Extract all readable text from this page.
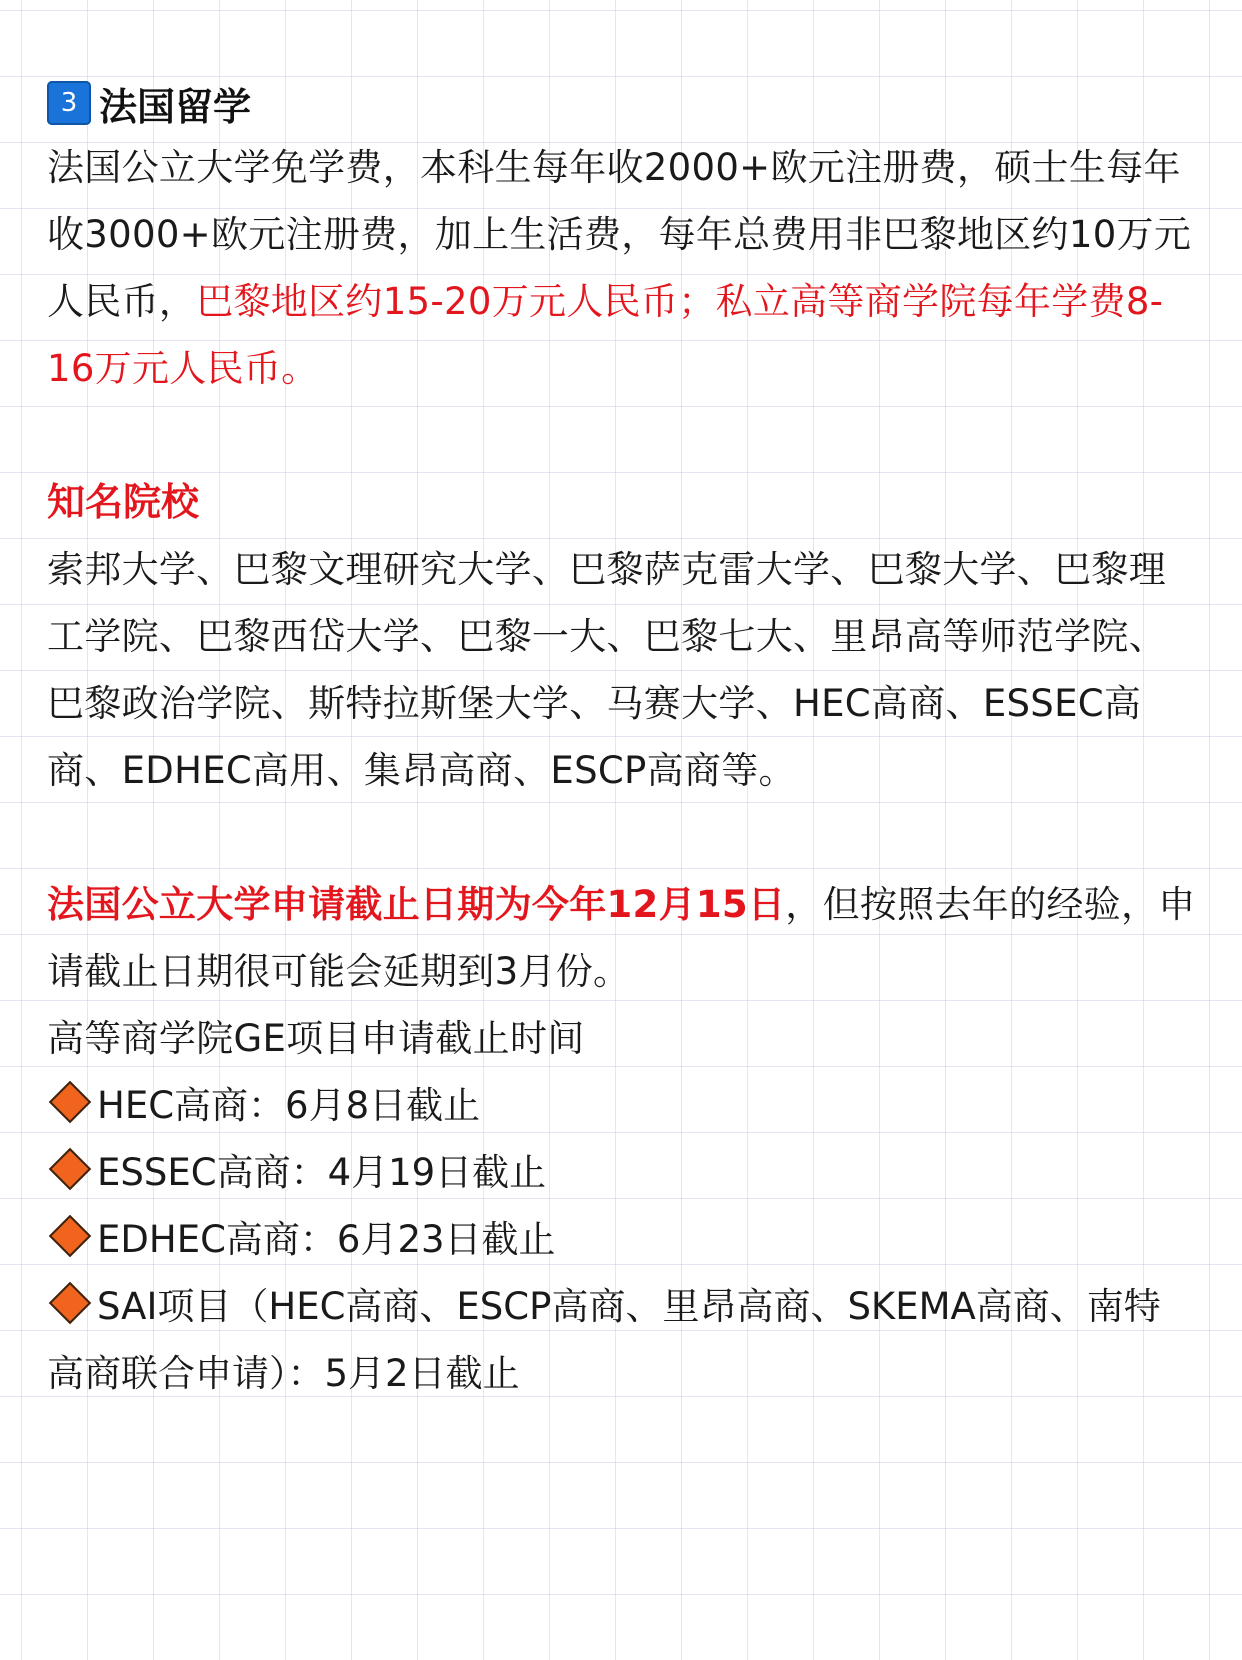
3 法国留学

法国公立大学免学费，本科生每年收2000+欧元注册费，硕士生每年收3000+欧元注册费，加上生活费，每年总费用非巴黎地区约10万元人民币，巴黎地区约15-20万元人民币；私立高等商学院每年学费8-16万元人民币。

知名院校

索邦大学、巴黎文理研究大学、巴黎萨克雷大学、巴黎大学、巴黎理工学院、巴黎西岱大学、巴黎一大、巴黎七大、里昂高等师范学院、巴黎政治学院、斯特拉斯堡大学、马赛大学、HEC高商、ESSEC高商、EDHEC高用、集昂高商、ESCP高商等。

法国公立大学申请截止日期为今年12月15日，但按照去年的经验，申请截止日期很可能会延期到3月份。

高等商学院GE项目申请截止时间

HEC高商：6月8日截止
ESSEC高商：4月19日截止
EDHEC高商：6月23日截止
SAI项目（HEC高商、ESCP高商、里昂高商、SKEMA高商、南特高商联合申请）：5月2日截止
